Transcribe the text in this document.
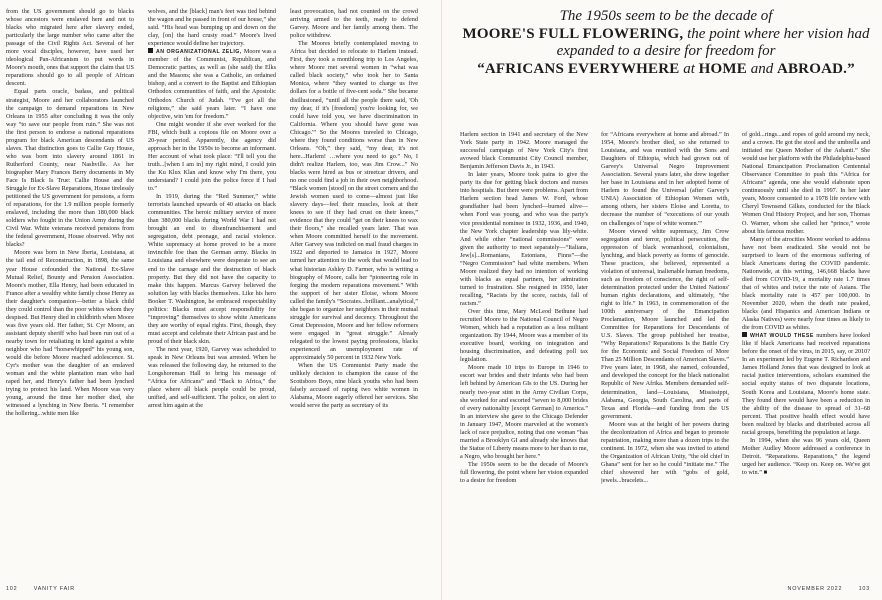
from the US government should go to blacks whose ancestors were enslaved here and not to blacks who migrated here after slavery ended, particularly the large number who came after the passage of the Civil Rights Act. Several of her more vocal disciples, however, have used her ideological Pan-Africanism to put words in Moore's mouth, ones that support the claim that US reparations should go to all people of African descent.

Equal parts oracle, badass, and political strategist, Moore and her collaborators launched the campaign to demand reparations in New Orleans in 1955 after concluding it was the only way “to save our people from ruin.” She was not the first person to endorse a national reparations program for black American descendants of US slaves. That distinction goes to Callie Guy House, who was born into slavery around 1861 in Rutherford County, near Nashville. As her biographer Mary Frances Berry documents in My Face Is Black Is True: Callie House and the Struggle for Ex-Slave Reparations, House tirelessly petitioned the US government for pensions, a form of reparations, for the 1.9 million people formerly enslaved, including the more than 180,000 black soldiers who fought in the Union Army during the Civil War. White veterans received pensions from the federal government, House observed. Why not blacks?

Moore was born in New Iberia, Louisiana, at the tail end of Reconstruction, in 1898, the same year House cofounded the National Ex-Slave Mutual Relief, Bounty and Pension Association. Moore's mother, Ella Henry, had been educated in France after a wealthy white family chose Henry as their daughter's companion—better a black child they could control than the poor whites whom they despised. But Henry died in childbirth when Moore was five years old. Her father, St. Cyr Moore, an assistant deputy sheriff who had been run out of a nearby town for retaliating in kind against a white neighbor who had “horsewhipped” his young son, would die before Moore reached adolescence. St. Cyr's mother was the daughter of an enslaved woman and the white plantation man who had raped her, and Henry's father had been lynched trying to protect his land. When Moore was very young, around the time her mother died, she witnessed a lynching in New Iberia. “I remember the hollering...white men like

wolves, and the [black] man's feet was tied behind the wagon and he passed in front of our house,” she said. “His head was bumping up and down on the clay, [on] the hard crusty road.” Moore's lived experience would define her trajectory.

AN ORGANIZATIONAL ZELIG, Moore was a member of the Communist, Republican, and Democratic parties, as well as (she said) the Elks and the Masons; she was a Catholic, an ordained bishop, and a convert to the Baptist and Ethiopian Orthodox communities of faith, and the Apostolic Orthodox Church of Judah. “I've got all the religions,” she said years later. “I have one objective, win 'em for freedom.”

One might wonder if she ever worked for the FBI, which built a copious file on Moore over a 20-year period. Apparently, the agency did approach her in the 1950s to become an informant. Her account of what took place: “I'll tell you the truth...[when I am in] my right mind, I could join the Ku Klux Klan and know why I'm there, you understand? I could join the police force if I had to.”

In 1919, during the “Red Summer,” white terrorists launched upwards of 40 attacks on black communities. The heroic military service of more than 380,000 blacks during World War I had not brought an end to disenfranchisement and segregation, debt peonage, and racial violence. White supremacy at home proved to be a more invincible foe than the German army. Blacks in Louisiana and elsewhere were desperate to see an end to the carnage and the destruction of black property. But they did not have the capacity to make this happen. Marcus Garvey believed the solution lay with blacks themselves. Like his hero Booker T. Washington, he embraced respectability politics: Blacks must accept responsibility for “improving” themselves to show white Americans they are worthy of equal rights. First, though, they must accept and celebrate their African past and be proud of their black skin.

The next year, 1920, Garvey was scheduled to speak in New Orleans but was arrested. When he was released the following day, he returned to the Longshoreman Hall to bring his message of “Africa for Africans” and “Back to Africa,” the place where all black people could be proud, unified, and self-sufficient. The police, on alert to arrest him again at the

least provocation, had not counted on the crowd arriving armed to the teeth, ready to defend Garvey. Moore and her family among them. The police withdrew.

The Moores briefly contemplated moving to Africa but decided to relocate to Harlem instead. First, they took a monthlong trip to Los Angeles, where Moore met several women in “what was called black society,” who took her to Santa Monica, where “they wanted to charge us five dollars for a bottle of five-cent soda.” She became disillusioned, “until all the people there said, 'Oh my dear, if it's [freedom] you're looking for, we could have told you, we have discrimination in California. Where you should have gone was Chicago.'” So the Moores traveled to Chicago, where they found conditions worse than in New Orleans. “Oh,” they said, “my dear, it's not here...Harlem! …where you need to go.” No, I didn't realize Harlem, too, was Jim Crow...” No blacks were hired as bus or streetcar drivers, and no one could find a job in their own neighborhood. “Black women [stood] on the street corners and the Jewish women used to come—almost just like slavery days—feel their muscles, look at their knees to see if they had crust on their knees,” evidence that they could “get on their knees to wax their floors,” she recalled years later. That was when Moore committed herself to the movement. After Garvey was indicted on mail fraud charges in 1922 and deported to Jamaica in 1927, Moore turned her attention to the work that would lead to what historian Ashley D. Farmer, who is writing a biography of Moore, calls her “pioneering role in forging the modern reparations movement.” With the support of her sister Eloise, whom Moore called the family's “Socrates...brilliant...analytical,” she began to organize her neighbors in their mutual struggle for survival and decency. Throughout the Great Depression, Moore and her fellow reformers were engaged in “great struggle.” Already relegated to the lowest paying professions, blacks experienced an unemployment rate of approximately 50 percent in 1932 New York.

When the US Communist Party made the unlikely decision to champion the cause of the Scottsboro Boys, nine black youths who had been falsely accused of raping two white women in Alabama, Moore eagerly offered her services. She would serve the party as secretary of its

The 1950s seem to be the decade of
MOORE'S FULL FLOWERING, the point where her vision had
expanded to a desire for freedom for
“AFRICANS EVERYWHERE at HOME and ABROAD.”

Harlem section in 1941 and secretary of the New York State party in 1942. Moore managed the successful campaign of New York City's first avowed black Communist City Council member, Benjamin Jefferson Davis Jr., in 1943.

In later years, Moore took pains to give the party its due for getting black doctors and nurses into hospitals. But there were problems. Apart from Harlem section head James W. Ford, whose grandfather had been lynched—burned alive—when Ford was young, and who was the party's vice presidential nominee in 1932, 1936, and 1940, the New York chapter leadership was lily-white. And while other “national commissions” were given the authority to meet separately—“Italians, Jew[s]...Romanians, Estonians, Finns”—the “Negro Commission” had white members. When Moore realized they had no intention of working with blacks as equal partners, her admiration turned to frustration. She resigned in 1950, later recalling, “Racists by the score, racists, fall of racism.”

Over this time, Mary McLeod Bethune had recruited Moore to the National Council of Negro Women, which had a reputation as a less militant organization. By 1944, Moore was a member of its executive board, working on integration and housing discrimination, and defeating poll tax legislation.

Moore made 10 trips to Europe in 1946 to escort war brides and their infants who had been left behind by American GIs to the US. During her nearly two-year stint in the Army Civilian Corps, she worked for and escorted “seven to 8,000 brides of every nationality [except German] to America.” In an interview she gave to the Chicago Defender in January 1947, Moore marveled at the women's lack of race prejudice, noting that one woman “has married a Brooklyn GI and already she knows that the Statue of Liberty means more to her than to me, a Negro, who brought her here.”

The 1950s seem to be the decade of Moore's full flowering, the point where her vision expanded to a desire for freedom

for “Africans everywhere at home and abroad.” In 1954, Moore's brother died, so she returned to Louisiana, and was reunited with the Sons and Daughters of Ethiopia, which had grown out of Garvey's Universal Negro Improvement Association. Several years later, she drew together her base in Louisiana and in her adopted home of Harlem to found the Universal (after Garvey's UNIA) Association of Ethiopian Women with, among others, her sisters Eloise and Loretta, to decrease the number of “executions of our youth on challenges of 'rape of white women.'”

Moore viewed white supremacy, Jim Crow segregation and terror, political persecution, the oppression of black womanhood, colonialism, lynching, and black poverty as forms of genocide. These practices, she believed, represented a violation of universal, inalienable human freedoms, such as freedom of conscience, the right of self-determination protected under the United Nations' human rights declarations, and ultimately, “the right to life.” In 1963, in commemoration of the 100th anniversary of the Emancipation Proclamation, Moore launched and led the Committee for Reparations for Descendants of U.S. Slaves. The group published her treatise, “Why Reparations? Reparations Is the Battle Cry for the Economic and Social Freedom of More Than 25 Million Descendants of American Slaves.” Five years later, in 1968, she named, cofounded, and developed the concept for the black nationalist Republic of New Afrika. Members demanded self-determination, land—Louisiana, Mississippi, Alabama, Georgia, South Carolina, and parts of Texas and Florida—and funding from the US government.

Moore was at the height of her powers during the decolonization of Africa and began to promote repatriation, making more than a dozen trips to the continent. In 1972, when she was invited to attend the Organization of African Unity, “the old chief in Ghana” sent for her so he could “initiate me.” The chief showered her with “gobs of gold, jewels...bracelets...

of gold...rings...and ropes of gold around my neck, and a crown. He got the stool and the umbrella and initiated me Queen Mother of the Ashanti.” She would use her platform with the Philadelphia-based National Emancipation Proclamation Centennial Observance Committee to push this “Africa for Africans” agenda, one she would elaborate upon continuously until she died in 1997. In her later years, Moore consented to a 1978 life review with Cheryl Townsend Gilkes, conducted for the Black Women Oral History Project, and her son, Thomas O. Warner, whom she called her “prince,” wrote about his famous mother.

Many of the atrocities Moore worked to address have not been eradicated. She would not be surprised to learn of the enormous suffering of black Americans during the COVID pandemic. Nationwide, at this writing, 146,668 blacks have died from COVID-19, a mortality rate 1.7 times that of whites and twice the rate of Asians. The black mortality rate is 457 per 100,000. In November 2020, when the death rate peaked, blacks (and Hispanics and American Indians or Alaska Natives) were nearly four times as likely to die from COVID as whites.

WHAT WOULD THESE numbers have looked like if black Americans had received reparations before the onset of the virus, in 2015, say, or 2010? In an experiment led by Eugene T. Richardson and James Holland Jones that was designed to look at racial justice interventions, scholars examined the social equity status of two disparate locations, South Korea and Louisiana, Moore's home state. They found there would have been a reduction in the ability of the disease to spread of 31–68 percent. That positive health effect would have been realized by blacks and distributed across all racial groups, benefiting the population at large.

In 1994, when she was 96 years old, Queen Mother Audley Moore addressed a conference in Detroit. “Reparations. Reparations,” the legend urged her audience. “Keep on. Keep on. We've got to win.” ■

102	VANITY FAIR	NOVEMBER 2022	103
